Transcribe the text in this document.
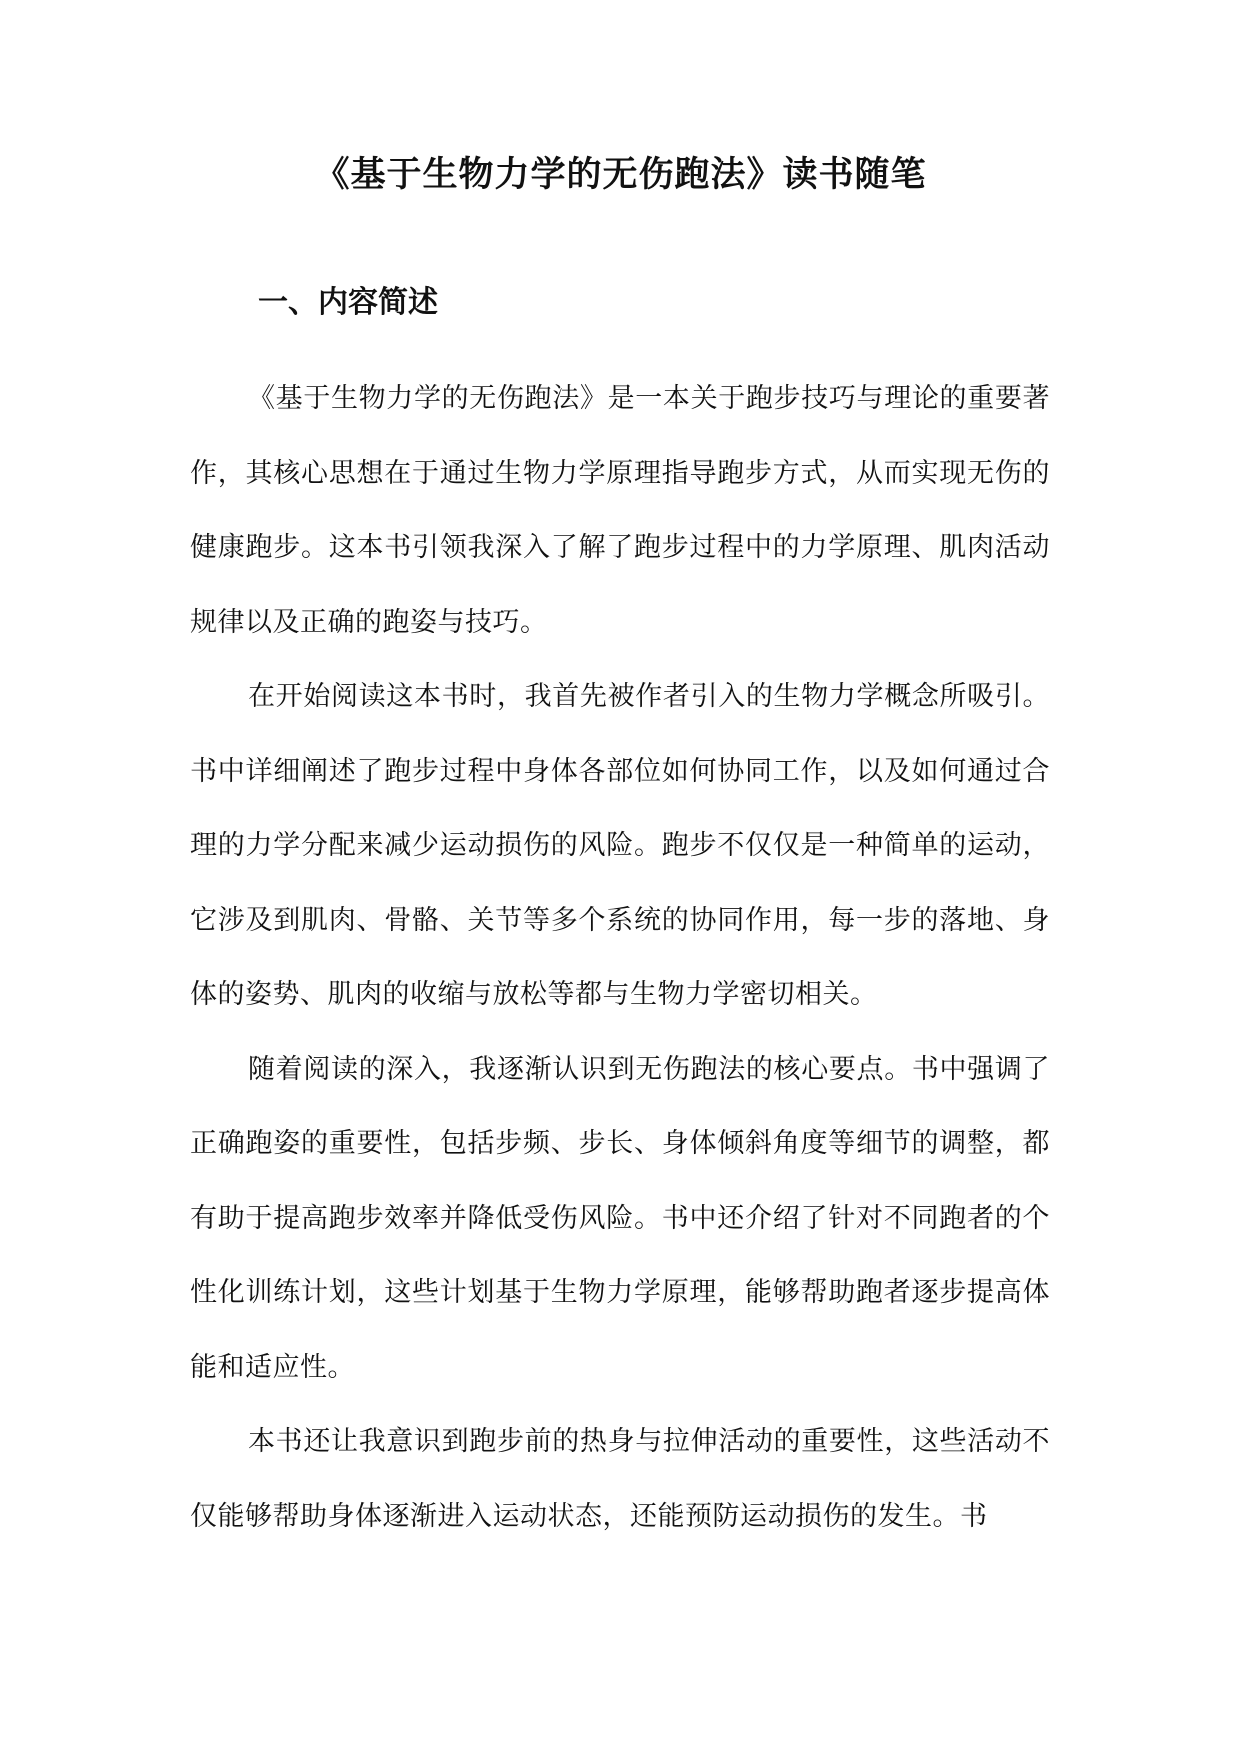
《基于生物力学的无伤跑法》读书随笔
一、内容简述

《基于生物力学的无伤跑法》是一本关于跑步技巧与理论的重要著作，其核心思想在于通过生物力学原理指导跑步方式，从而实现无伤的健康跑步。这本书引领我深入了解了跑步过程中的力学原理、肌肉活动规律以及正确的跑姿与技巧。

在开始阅读这本书时，我首先被作者引入的生物力学概念所吸引。书中详细阐述了跑步过程中身体各部位如何协同工作，以及如何通过合理的力学分配来减少运动损伤的风险。跑步不仅仅是一种简单的运动，它涉及到肌肉、骨骼、关节等多个系统的协同作用，每一步的落地、身体的姿势、肌肉的收缩与放松等都与生物力学密切相关。

随着阅读的深入，我逐渐认识到无伤跑法的核心要点。书中强调了正确跑姿的重要性，包括步频、步长、身体倾斜角度等细节的调整，都有助于提高跑步效率并降低受伤风险。书中还介绍了针对不同跑者的个性化训练计划，这些计划基于生物力学原理，能够帮助跑者逐步提高体能和适应性。

本书还让我意识到跑步前的热身与拉伸活动的重要性，这些活动不仅能够帮助身体逐渐进入运动状态，还能预防运动损伤的发生。书
